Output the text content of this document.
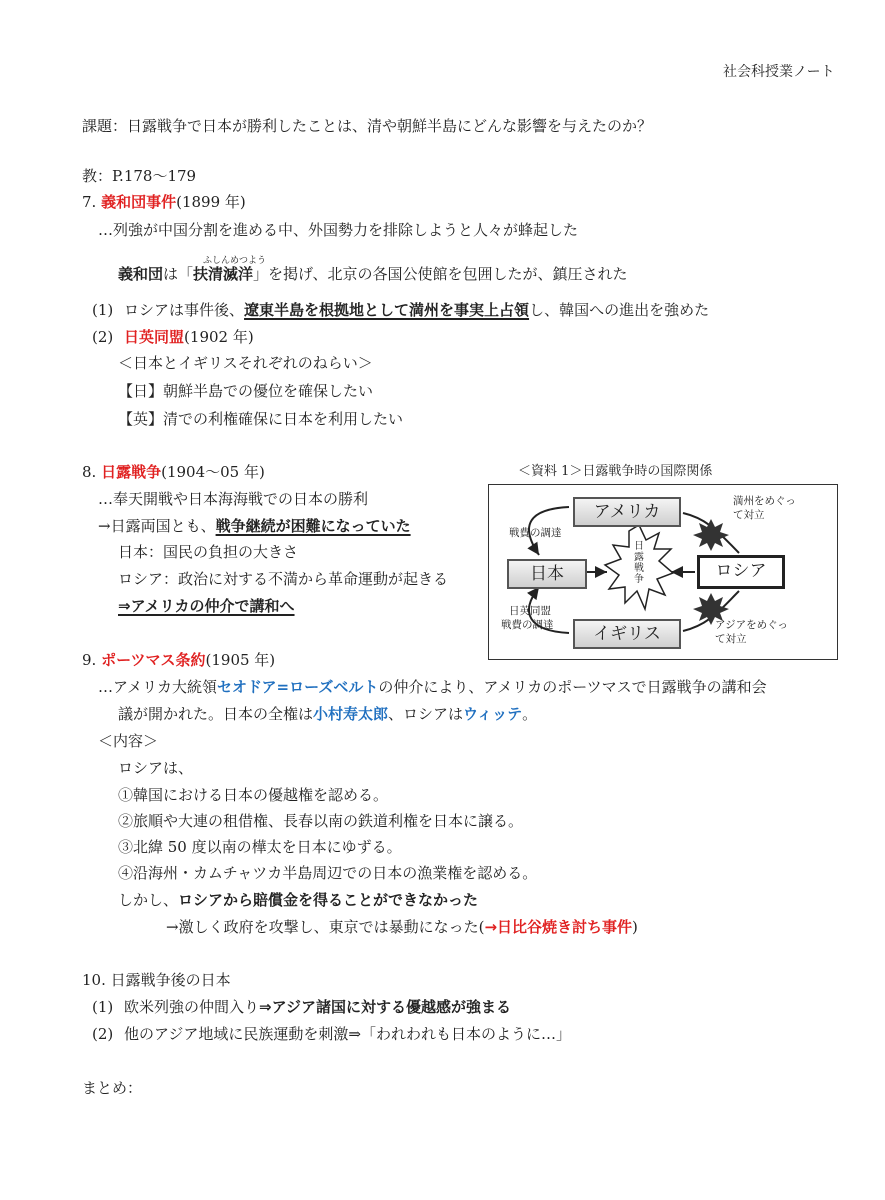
社会科授業ノート
課題：日露戦争で日本が勝利したことは、清や朝鮮半島にどんな影響を与えたのか？
教：P.178〜179
7. 義和団事件(1899 年)
…列強が中国分割を進める中、外国勢力を排除しようと人々が蜂起した
ふしんめつよう
義和団は「扶清滅洋」を掲げ、北京の各国公使館を包囲したが、鎮圧された
(1) ロシアは事件後、遼東半島を根拠地として満州を事実上占領し、韓国への進出を強めた
(2) 日英同盟(1902 年)
＜日本とイギリスそれぞれのねらい＞
【日】朝鮮半島での優位を確保したい
【英】清での利権確保に日本を利用したい
8. 日露戦争(1904〜05 年)
…奉天開戦や日本海海戦での日本の勝利
→日露両国とも、戦争継続が困難になっていた
日本：国民の負担の大きさ
ロシア：政治に対する不満から革命運動が起きる
⇒アメリカの仲介で講和へ
＜資料 1＞日露戦争時の国際関係
アメリカ
日本	ロシア
イギリス
日露戦争
戦費の調達
日英同盟
戦費の調達
満州をめぐっ
て対立
アジアをめぐっ
て対立
9. ポーツマス条約(1905 年)
…アメリカ大統領セオドア=ローズベルトの仲介により、アメリカのポーツマスで日露戦争の講和会
議が開かれた。日本の全権は小村寿太郎、ロシアはウィッテ。
＜内容＞
ロシアは、
①韓国における日本の優越権を認める。
②旅順や大連の租借権、長春以南の鉄道利権を日本に譲る。
③北緯 50 度以南の樺太を日本にゆずる。
④沿海州・カムチャツカ半島周辺での日本の漁業権を認める。
しかし、ロシアから賠償金を得ることができなかった
→激しく政府を攻撃し、東京では暴動になった(→日比谷焼き討ち事件)
10. 日露戦争後の日本
(1) 欧米列強の仲間入り⇒アジア諸国に対する優越感が強まる
(2) 他のアジア地域に民族運動を刺激⇒「われわれも日本のように…」
まとめ：
